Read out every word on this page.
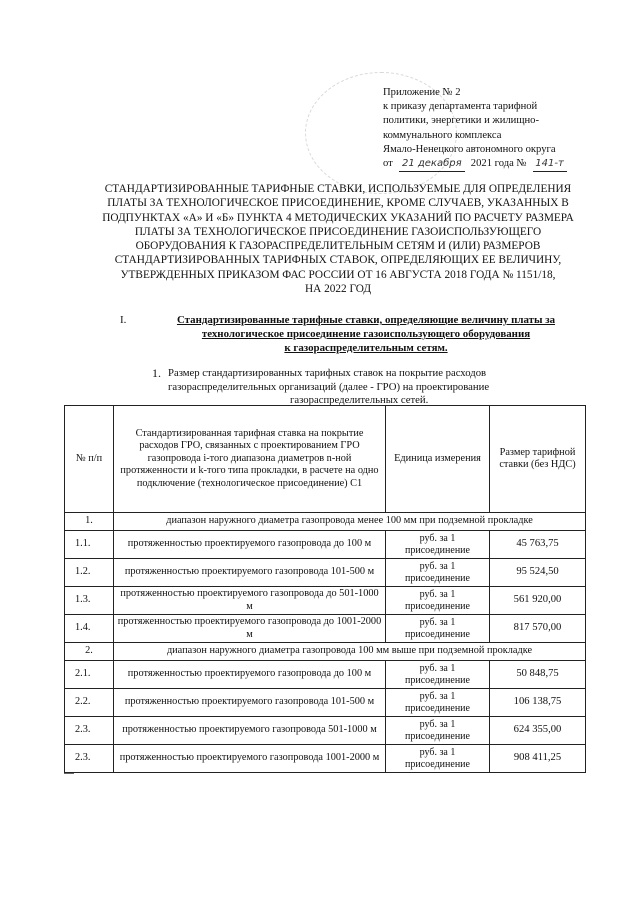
Приложение № 2
к приказу департамента тарифной
политики, энергетики и жилищно-
коммунального комплекса
Ямало-Ненецкого автономного округа
от 21 декабря 2021 года № 141-т
СТАНДАРТИЗИРОВАННЫЕ ТАРИФНЫЕ СТАВКИ, ИСПОЛЬЗУЕМЫЕ ДЛЯ ОПРЕДЕЛЕНИЯ
ПЛАТЫ ЗА ТЕХНОЛОГИЧЕСКОЕ ПРИСОЕДИНЕНИЕ, КРОМЕ СЛУЧАЕВ, УКАЗАННЫХ В
ПОДПУНКТАХ «А» И «Б» ПУНКТА 4 МЕТОДИЧЕСКИХ УКАЗАНИЙ ПО РАСЧЕТУ РАЗМЕРА
ПЛАТЫ ЗА ТЕХНОЛОГИЧЕСКОЕ ПРИСОЕДИНЕНИЕ ГАЗОИСПОЛЬЗУЮЩЕГО
ОБОРУДОВАНИЯ К ГАЗОРАСПРЕДЕЛИТЕЛЬНЫМ СЕТЯМ И (ИЛИ) РАЗМЕРОВ
СТАНДАРТИЗИРОВАННЫХ ТАРИФНЫХ СТАВОК, ОПРЕДЕЛЯЮЩИХ ЕЕ ВЕЛИЧИНУ,
УТВЕРЖДЕННЫХ ПРИКАЗОМ ФАС РОССИИ ОТ 16 АВГУСТА 2018 ГОДА № 1151/18,
НА 2022 ГОД
I.	Стандартизированные тарифные ставки, определяющие величину платы за
технологическое присоединение газоиспользующего оборудования
к газораспределительным сетям.
1. Размер стандартизированных тарифных ставок на покрытие расходов
газораспределительных организаций (далее - ГРО) на проектирование
газораспределительных сетей.
№ п/п	Стандартизированная тарифная ставка на покрытие расходов ГРО, связанных с проектированием ГРО газопровода i-того диапазона диаметров n-ной протяженности и k-того типа прокладки, в расчете на одно подключение (технологическое присоединение) С1	Единица измерения	Размер тарифной ставки (без НДС)
1.	диапазон наружного диаметра газопровода менее 100 мм при подземной прокладке		
1.1.	протяженностью проектируемого газопровода до 100 м	руб. за 1 присоединение	45 763,75
1.2.	протяженностью проектируемого газопровода 101-500 м	руб. за 1 присоединение	95 524,50
1.3.	протяженностью проектируемого газопровода до 501-1000 м	руб. за 1 присоединение	561 920,00
1.4.	протяженностью проектируемого газопровода до 1001-2000 м	руб. за 1 присоединение	817 570,00
2.	диапазон наружного диаметра газопровода 100 мм выше при подземной прокладке		
2.1.	протяженностью проектируемого газопровода до 100 м	руб. за 1 присоединение	50 848,75
2.2.	протяженностью проектируемого газопровода 101-500 м	руб. за 1 присоединение	106 138,75
2.3.	протяженностью проектируемого газопровода 501-1000 м	руб. за 1 присоединение	624 355,00
2.3.	протяженностью проектируемого газопровода 1001-2000 м	руб. за 1 присоединение	908 411,25
